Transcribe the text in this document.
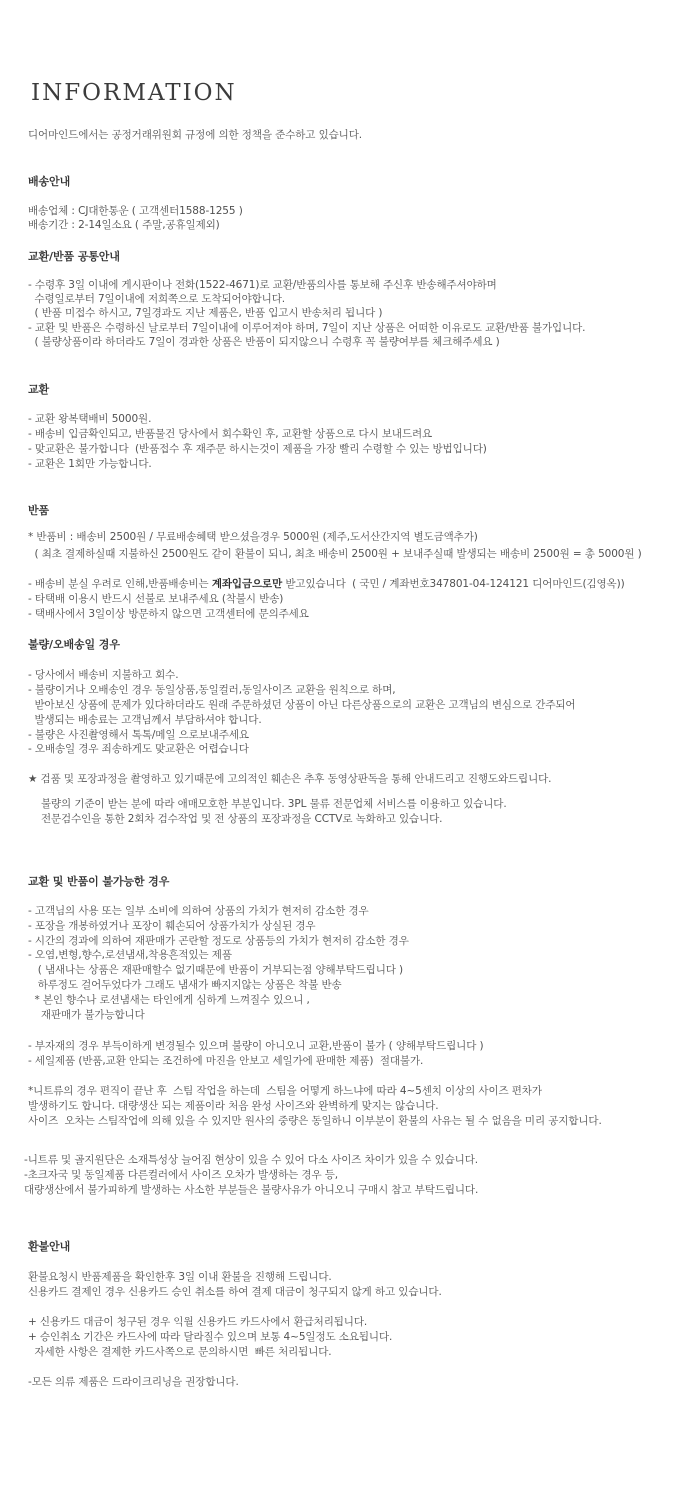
INFORMATION
디어마인드에서는 공정거래위원회 규정에 의한 정책을 준수하고 있습니다.
배송안내
배송업체 : CJ대한통운 ( 고객센터1588-1255 )
배송기간 : 2-14일소요 ( 주말,공휴일제외)
교환/반품 공통안내
- 수령후 3일 이내에 게시판이나 전화(1522-4671)로 교환/반품의사를 통보해 주신후 반송해주셔야하며
수령일로부터 7일이내에 저희쪽으로 도착되어야합니다.
( 반품 미접수 하시고, 7일경과도 지난 제품은, 반품 입고시 반송처리 됩니다 )
- 교환 및 반품은 수령하신 날로부터 7일이내에 이루어져야 하며, 7일이 지난 상품은 어떠한 이유로도 교환/반품 불가입니다.
( 불량상품이라 하더라도 7일이 경과한 상품은 반품이 되지않으니 수령후 꼭 불량여부를 체크해주세요 )
교환
- 교환 왕복택배비 5000원.
- 배송비 입금확인되고, 반품물건 당사에서 회수확인 후, 교환할 상품으로 다시 보내드려요
- 맞교환은 불가합니다  (반품접수 후 재주문 하시는것이 제품을 가장 빨리 수령할 수 있는 방법입니다)
- 교환은 1회만 가능합니다.
반품
* 반품비 : 배송비 2500원 / 무료배송혜택 받으셨을경우 5000원 (제주,도서산간지역 별도금액추가)
( 최초 결제하실때 지불하신 2500원도 같이 환불이 되니, 최초 배송비 2500원 + 보내주실때 발생되는 배송비 2500원 = 총 5000원 )
- 배송비 분실 우려로 인해,반품배송비는 계좌입금으로만 받고있습니다  ( 국민 / 계좌번호347801-04-124121 디어마인드(김영옥))
- 타택배 이용시 반드시 선불로 보내주세요 (착불시 반송)
- 택배사에서 3일이상 방문하지 않으면 고객센터에 문의주세요
불량/오배송일 경우
- 당사에서 배송비 지불하고 회수.
- 불량이거나 오배송인 경우 동일상품,동일컬러,동일사이즈 교환을 원칙으로 하며,
받아보신 상품에 문제가 있다하더라도 원래 주문하셨던 상품이 아닌 다른상품으로의 교환은 고객님의 변심으로 간주되어
발생되는 배송료는 고객님께서 부담하셔야 합니다.
- 불량은 사진촬영해서 톡톡/메일 으로보내주세요
- 오배송일 경우 죄송하게도 맞교환은 어렵습니다
★ 검품 및 포장과정을 촬영하고 있기때문에 고의적인 훼손은 추후 동영상판독을 통해 안내드리고 진행도와드립니다.
불량의 기준이 받는 분에 따라 애매모호한 부분입니다. 3PL 물류 전문업체 서비스를 이용하고 있습니다.
전문검수인을 통한 2회차 검수작업 및 전 상품의 포장과정을 CCTV로 녹화하고 있습니다.
교환 및 반품이 불가능한 경우
- 고객님의 사용 또는 일부 소비에 의하여 상품의 가치가 현저히 감소한 경우
- 포장을 개봉하였거나 포장이 훼손되어 상품가치가 상실된 경우
- 시간의 경과에 의하여 재판매가 곤란할 정도로 상품등의 가치가 현저히 감소한 경우
- 오염,변형,향수,로션냄새,착용흔적있는 제품
( 냄새나는 상품은 재판매할수 없기때문에 반품이 거부되는점 양해부탁드립니다 )
하루정도 걸어두었다가 그래도 냄새가 빠지지않는 상품은 착불 반송
* 본인 향수나 로션냄새는 타인에게 심하게 느껴질수 있으니 ,
재판매가 불가능합니다
- 부자재의 경우 부득이하게 변경될수 있으며 불량이 아니오니 교환,반품이 불가 ( 양해부탁드립니다 )
- 세일제품 (반품,교환 안되는 조건하에 마진을 안보고 세일가에 판매한 제품)  절대불가.
*니트류의 경우 편직이 끝난 후  스팀 작업을 하는데  스팀을 어떻게 하느냐에 따라 4~5센치 이상의 사이즈 편차가
발생하기도 합니다. 대량생산 되는 제품이라 처음 완성 사이즈와 완벽하게 맞지는 않습니다.
사이즈  오차는 스팀작업에 의해 있을 수 있지만 원사의 중량은 동일하니 이부분이 환불의 사유는 될 수 없음을 미리 공지합니다.
-니트류 및 골지원단은 소재특성상 늘어짐 현상이 있을 수 있어 다소 사이즈 차이가 있을 수 있습니다.
-초크자국 및 동일제품 다른컬러에서 사이즈 오차가 발생하는 경우 등,
대량생산에서 불가피하게 발생하는 사소한 부분들은 불량사유가 아니오니 구매시 참고 부탁드립니다.
환불안내
환불요청시 반품제품을 확인한후 3일 이내 환불을 진행해 드립니다.
신용카드 결제인 경우 신용카드 승인 취소를 하여 결제 대금이 청구되지 않게 하고 있습니다.
+ 신용카드 대금이 청구된 경우 익월 신용카드 카드사에서 환급처리됩니다.
+ 승인취소 기간은 카드사에 따라 달라질수 있으며 보통 4~5일정도 소요됩니다.
자세한 사항은 결제한 카드사쪽으로 문의하시면  빠른 처리됩니다.
-모든 의류 제품은 드라이크리닝을 권장합니다.
